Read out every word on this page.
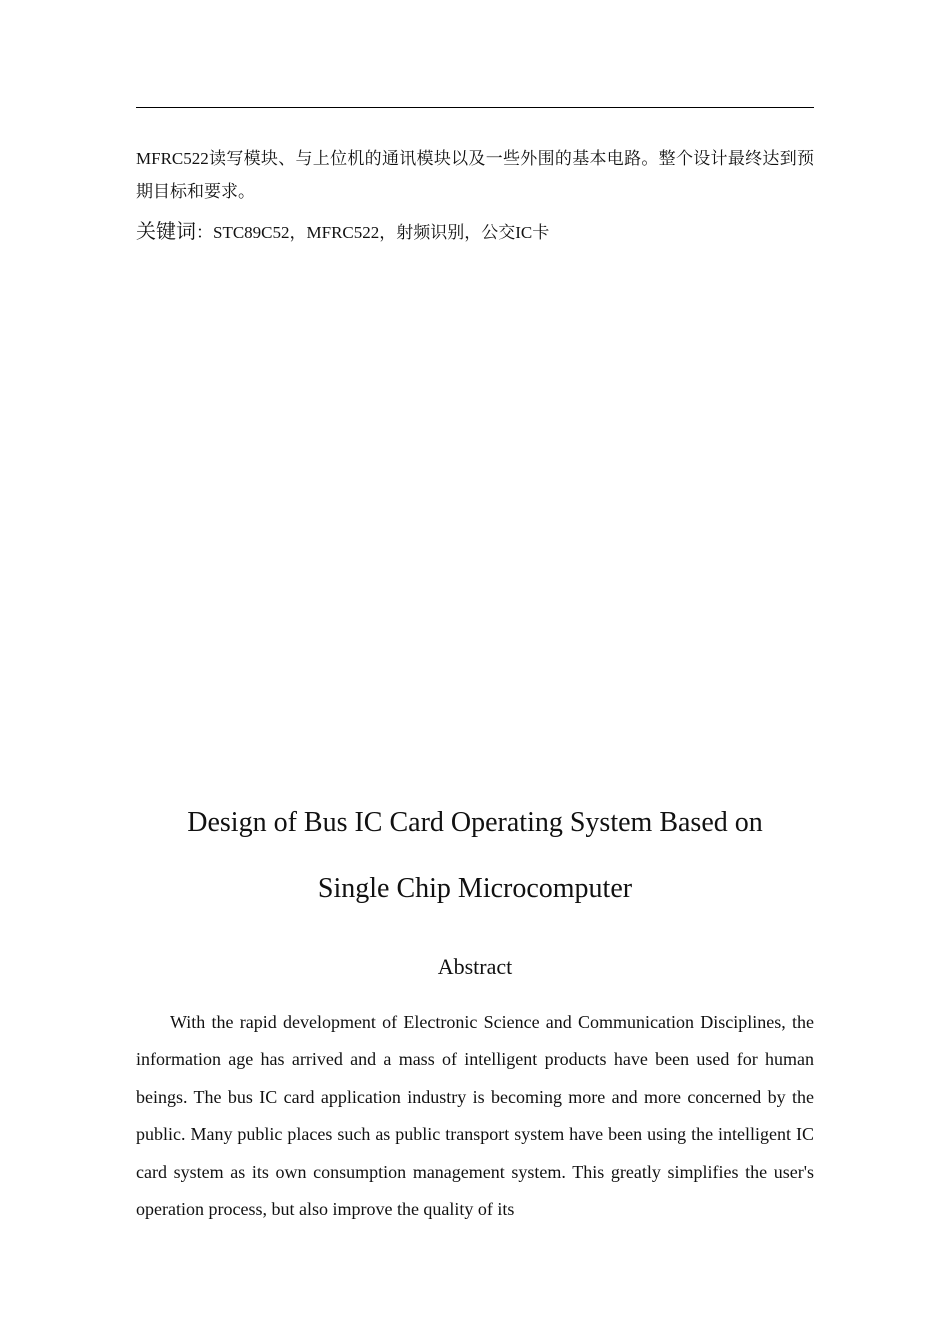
MFRC522读写模块、与上位机的通讯模块以及一些外围的基本电路。整个设计最终达到预期目标和要求。

关键词：STC89C52，MFRC522，射频识别，公交IC卡

Design of Bus IC Card Operating System Based on
Single Chip Microcomputer
Abstract

With the rapid development of Electronic Science and Communication Disciplines, the information age has arrived and a mass of intelligent products have been used for human beings. The bus IC card application industry is becoming more and more concerned by the public. Many public places such as public transport system have been using the intelligent IC card system as its own consumption management system. This greatly simplifies the user's operation process, but also improve the quality of its
